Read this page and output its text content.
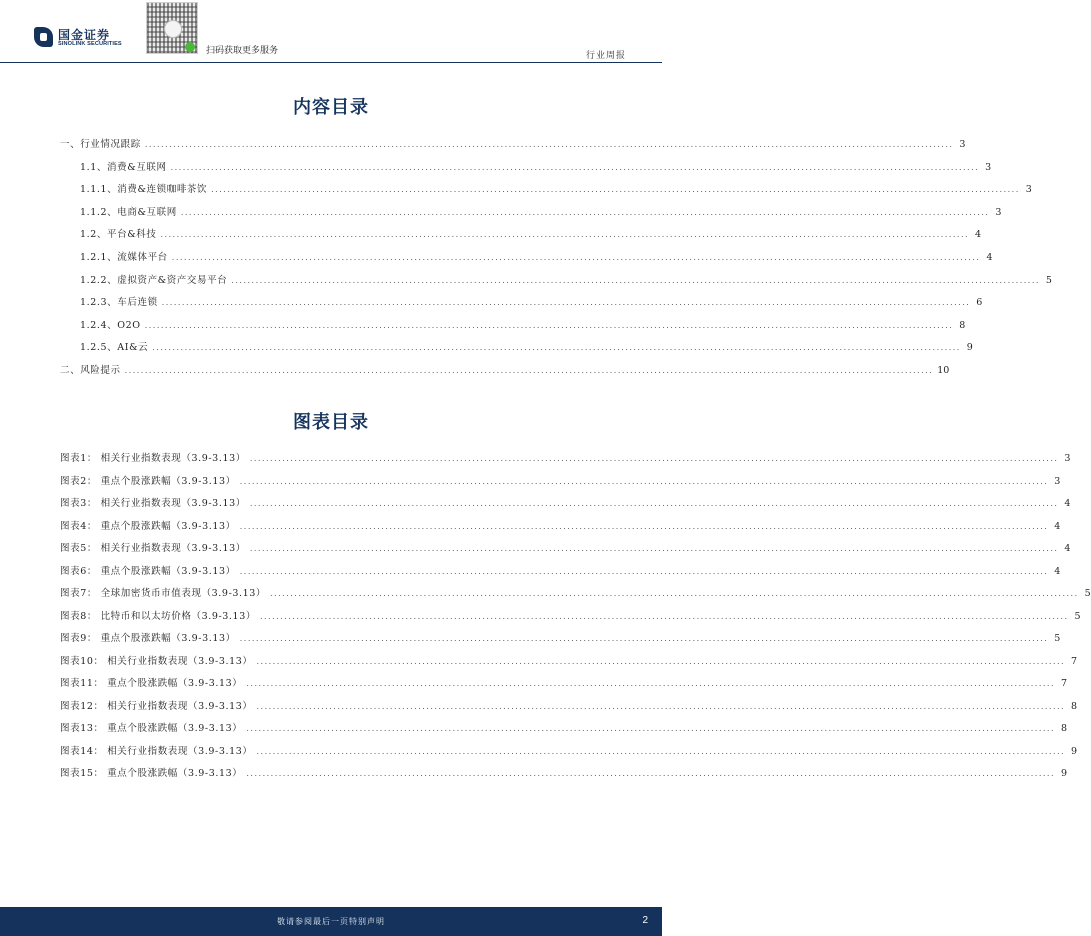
国金证券
SINOLINK SECURITIES
扫码获取更多服务	行业周报
内容目录
一、行业情况跟踪 ........................................................................................................................................................................................................ 3
1.1、消费&互联网 ........................................................................................................................................................................................................ 3
1.1.1、消费&连锁咖啡茶饮 ........................................................................................................................................................................................................ 3
1.1.2、电商&互联网 ........................................................................................................................................................................................................ 3
1.2、平台&科技 ........................................................................................................................................................................................................ 4
1.2.1、流媒体平台 ........................................................................................................................................................................................................ 4
1.2.2、虚拟资产&资产交易平台 ........................................................................................................................................................................................................ 5
1.2.3、车后连锁 ........................................................................................................................................................................................................ 6
1.2.4、O2O ........................................................................................................................................................................................................ 8
1.2.5、AI&云 ........................................................................................................................................................................................................ 9
二、风险提示 ........................................................................................................................................................................................................ 10
图表目录
图表1： 相关行业指数表现（3.9-3.13） ........................................................................................................................................................................................................ 3
图表2： 重点个股涨跌幅（3.9-3.13） ........................................................................................................................................................................................................ 3
图表3： 相关行业指数表现（3.9-3.13） ........................................................................................................................................................................................................ 4
图表4： 重点个股涨跌幅（3.9-3.13） ........................................................................................................................................................................................................ 4
图表5： 相关行业指数表现（3.9-3.13） ........................................................................................................................................................................................................ 4
图表6： 重点个股涨跌幅（3.9-3.13） ........................................................................................................................................................................................................ 4
图表7： 全球加密货币市值表现（3.9-3.13） ........................................................................................................................................................................................................ 5
图表8： 比特币和以太坊价格（3.9-3.13） ........................................................................................................................................................................................................ 5
图表9： 重点个股涨跌幅（3.9-3.13） ........................................................................................................................................................................................................ 5
图表10： 相关行业指数表现（3.9-3.13） ........................................................................................................................................................................................................ 7
图表11： 重点个股涨跌幅（3.9-3.13） ........................................................................................................................................................................................................ 7
图表12： 相关行业指数表现（3.9-3.13） ........................................................................................................................................................................................................ 8
图表13： 重点个股涨跌幅（3.9-3.13） ........................................................................................................................................................................................................ 8
图表14： 相关行业指数表现（3.9-3.13） ........................................................................................................................................................................................................ 9
图表15： 重点个股涨跌幅（3.9-3.13） ........................................................................................................................................................................................................ 9
敬请参阅最后一页特别声明	2
